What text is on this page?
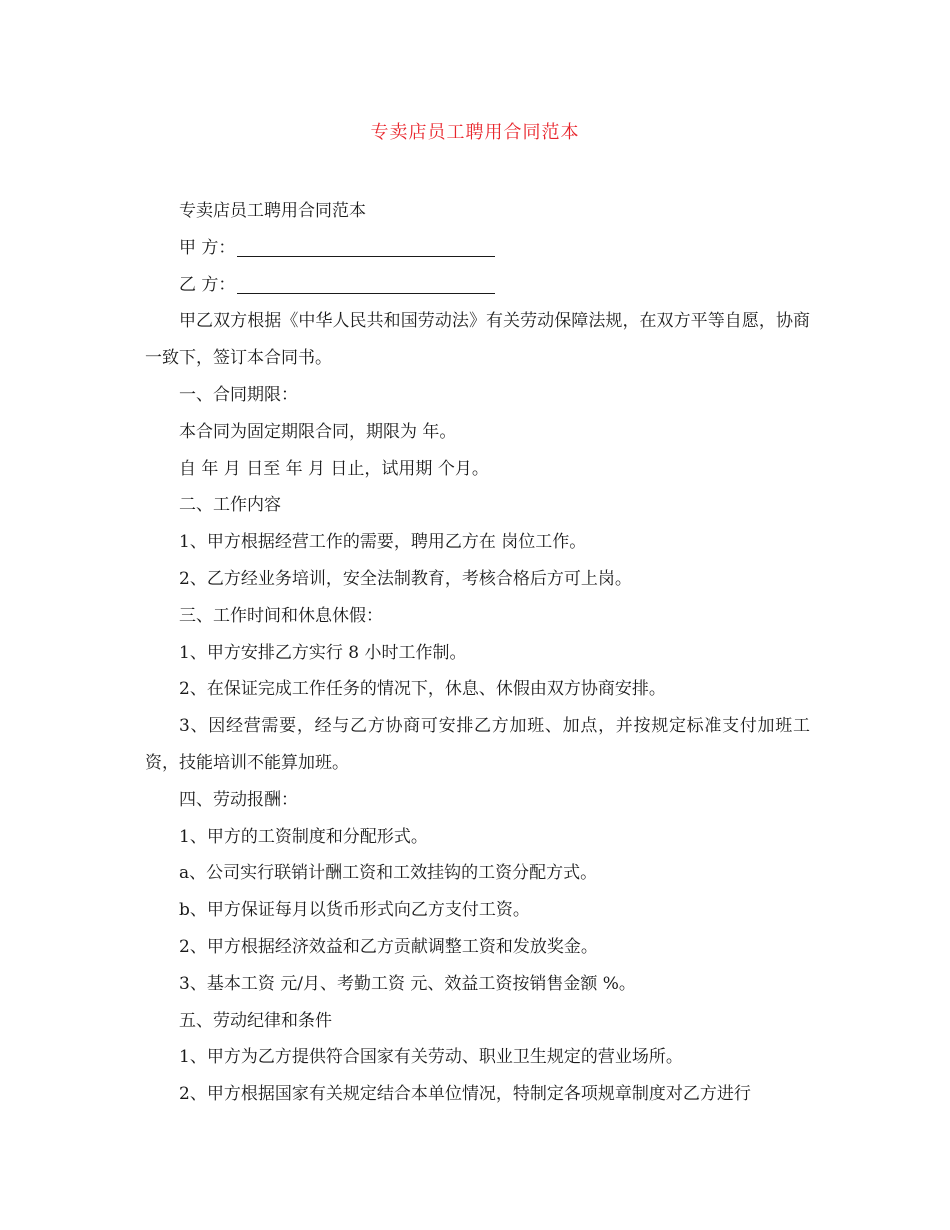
专卖店员工聘用合同范本

专卖店员工聘用合同范本

甲 方：

乙 方：

甲乙双方根据《中华人民共和国劳动法》有关劳动保障法规，在双方平等自愿，协商一致下，签订本合同书。

一、合同期限：

本合同为固定期限合同，期限为 年。

自 年 月 日至 年 月 日止，试用期 个月。

二、工作内容

1、甲方根据经营工作的需要，聘用乙方在 岗位工作。

2、乙方经业务培训，安全法制教育，考核合格后方可上岗。

三、工作时间和休息休假：

1、甲方安排乙方实行 8 小时工作制。

2、在保证完成工作任务的情况下，休息、休假由双方协商安排。

3、因经营需要，经与乙方协商可安排乙方加班、加点，并按规定标准支付加班工资，技能培训不能算加班。

四、劳动报酬：

1、甲方的工资制度和分配形式。

a、公司实行联销计酬工资和工效挂钩的工资分配方式。

b、甲方保证每月以货币形式向乙方支付工资。

2、甲方根据经济效益和乙方贡献调整工资和发放奖金。

3、基本工资 元/月、考勤工资 元、效益工资按销售金额 %。

五、劳动纪律和条件

1、甲方为乙方提供符合国家有关劳动、职业卫生规定的营业场所。

2、甲方根据国家有关规定结合本单位情况，特制定各项规章制度对乙方进行
